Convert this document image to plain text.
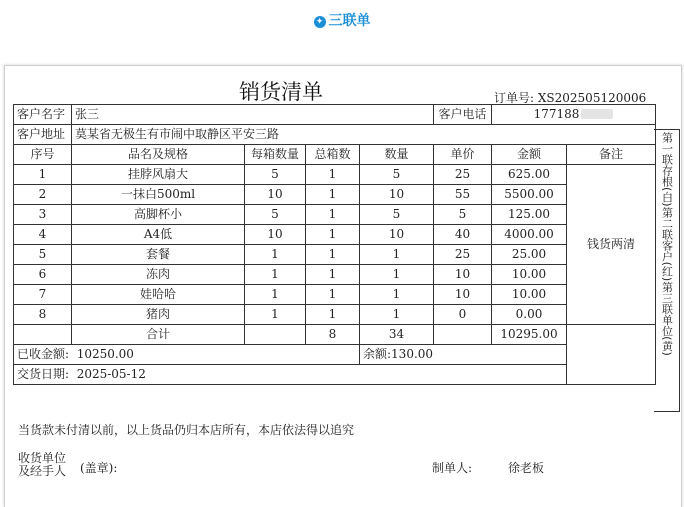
✦ 三联单
销货清单	订单号: XS202505120006
客户名字	张三				客户电话	177188	
客户地址	莫某省无极生有市闹中取静区平安三路						
序号	品名及规格	每箱数量	总箱数	数量	单价	金额	备注
1	挂脖风扇大	5	1	5	25	625.00	钱货两清
2	一抹白500ml	10	1	10	55	5500.00	
3	高脚杯小	5	1	5	5	125.00	
4	A4低	10	1	10	40	4000.00	
5	套餐	1	1	1	25	25.00	
6	冻肉	1	1	1	10	10.00	
7	娃哈哈	1	1	1	10	10.00	
8	猪肉	1	1	1	0	0.00	
	合计		8	34		10295.00	
已收金额: 10250.00				余额:130.00			
交货日期: 2025-05-12							
第一联存根(白)第二联客户(红)第三联单位(黄)
当货款未付清以前，以上货品仍归本店所有，本店依法得以追究
收货单位
及经手人 (盖章):	制单人:	徐老板
